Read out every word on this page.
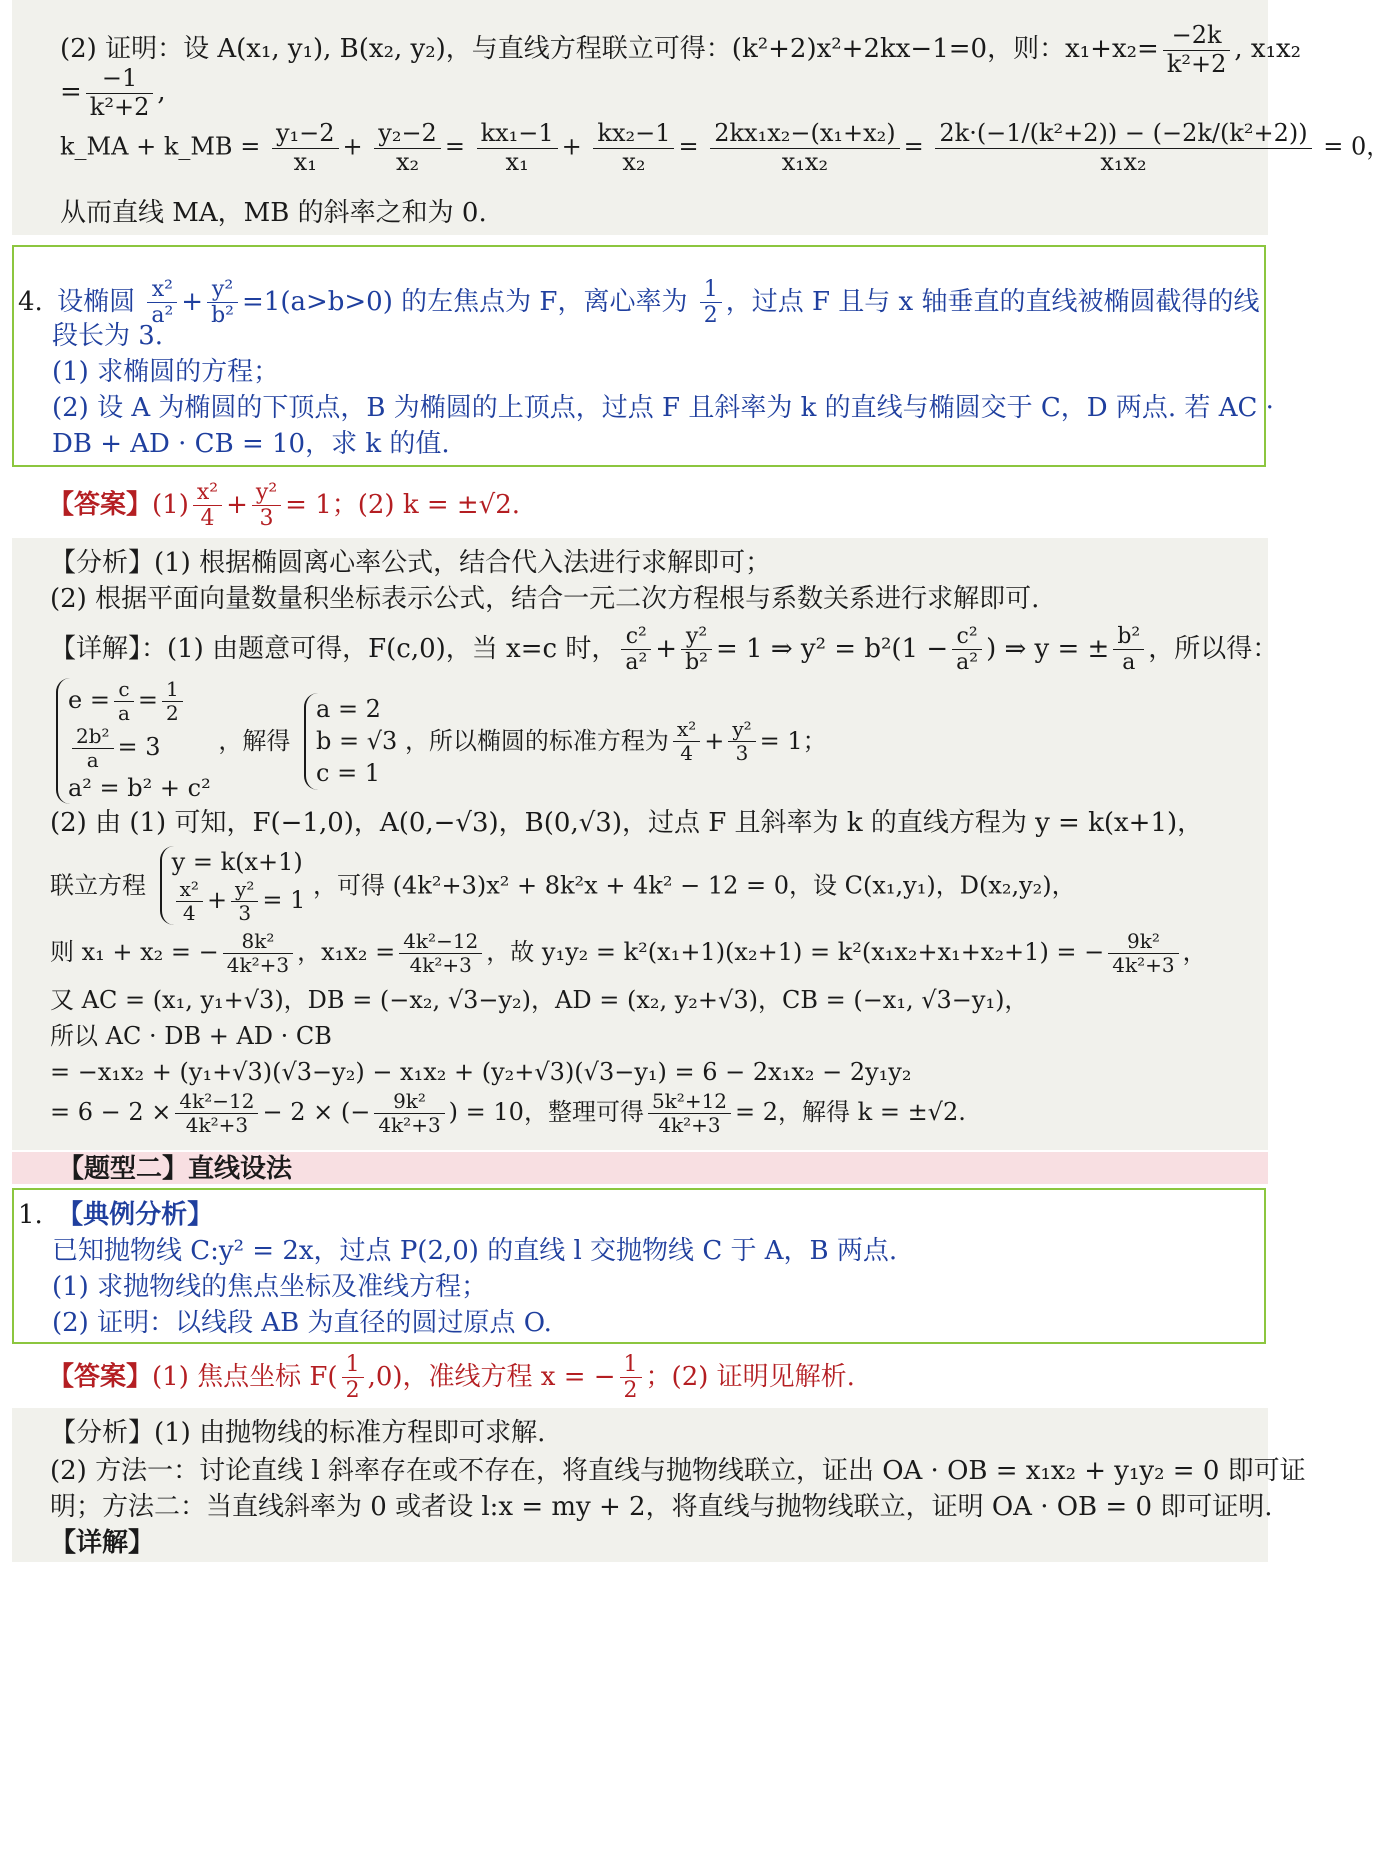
(2) 证明：设 A(x₁, y₁), B(x₂, y₂)，与直线方程联立可得：(k²+2)x²+2kx−1=0，则：$x_1+x_2= \frac{-2k}{\text{k²+2}}$ , x₁x₂
= $\frac{-1}{\text{k²+2}}$ ,
k_MA + k_MB = $\frac{\text{y₁−2}}{\text{x₁}} + \frac{\text{y₂−2}}{\text{x₂}} = \frac{\text{kx₁−1}}{\text{x₁}} + \frac{\text{kx₂−1}}{\text{x₂}} = \frac{\text{2kx₁x₂−(x₁+x₂)}}{\text{x₁x₂}} = \frac{\text{2k·(−1/(k²+2)) − (−2k/(k²+2))}}{\text{x₁x₂}} = 0$，
从而直线 MA，MB 的斜率之和为 0.
4. 设椭圆 $\frac{\text{x²}}{\text{a²}} + \frac{\text{y²}}{\text{b²}} =1(a>b>0)$ 的左焦点为 F，离心率为 $\frac{1}{2}$ ，过点 F 且与 x 轴垂直的直线被椭圆截得的线
段长为 3.
(1) 求椭圆的方程；
(2) 设 A 为椭圆的下顶点，B 为椭圆的上顶点，过点 F 且斜率为 k 的直线与椭圆交于 C，D 两点. 若 AC ·
DB + AD · CB = 10，求 k 的值.
【答案】$(1) \frac{\text{x²}}{4} + \frac{\text{y²}}{3} = 1$；(2) k = ±√2.
【分析】(1) 根据椭圆离心率公式，结合代入法进行求解即可；
(2) 根据平面向量数量积坐标表示公式，结合一元二次方程根与系数关系进行求解即可.
【详解】：(1) 由题意可得，F(c,0)，当 x=c 时， $\frac{\text{c²}}{\text{a²}} + \frac{\text{y²}}{\text{b²}} = 1$ ⇒ $y^2 = b^2(1 - \frac{\text{c²}}{\text{a²}}$ ) ⇒ y = ± $\frac{\text{b²}}{a}$ ，所以得：
$e = \frac{c}{a} = \frac{1}{2}$
$\frac{\text{2b²}}{a} = 3$
a² = b² + c²
，解得
a = 2
b = √3
c = 1
，所以椭圆的标准方程为 $\frac{\text{x²}}{4} + \frac{\text{y²}}{3} = 1$；
(2) 由 (1) 可知，F(−1,0)，A(0,−√3)，B(0,√3)，过点 F 且斜率为 k 的直线方程为 y = k(x+1)，
联立方程
y = k(x+1)
$\frac{\text{x²}}{4} + \frac{\text{y²}}{3} = 1$
，可得 (4k²+3)x² + 8k²x + 4k² − 12 = 0，设 C(x₁,y₁)，D(x₂,y₂)，
则 x₁ + x₂ = − $\frac{\text{8k²}}{\text{4k²+3}}$ ，$x_1x_2 = \frac{\text{4k²−12}}{\text{4k²+3}}$ ，故 y₁y₂ = k²(x₁+1)(x₂+1) = k²(x₁x₂+x₁+x₂+1) = − $\frac{\text{9k²}}{\text{4k²+3}}$ ，
又 AC = (x₁, y₁+√3)，DB = (−x₂, √3−y₂)，AD = (x₂, y₂+√3)，CB = (−x₁, √3−y₁)，
所以 AC · DB + AD · CB
= −x₁x₂ + (y₁+√3)(√3−y₂) − x₁x₂ + (y₂+√3)(√3−y₁) = 6 − 2x₁x₂ − 2y₁y₂
= $6 - 2 \times \frac{\text{4k²−12}}{\text{4k²+3}} - 2$ × (− $\frac{\text{9k²}}{\text{4k²+3}}$ ) = 10，整理可得 $\frac{\text{5k²+12}}{\text{4k²+3}} = 2$，解得 k = ±√2.
【题型二】直线设法
1. 【典例分析】
已知抛物线 C:y² = 2x，过点 P(2,0) 的直线 l 交抛物线 C 于 A，B 两点.
(1) 求抛物线的焦点坐标及准线方程；
(2) 证明：以线段 AB 为直径的圆过原点 O.
【答案】(1) 焦点坐标 $F( \frac{1}{2} ,0)$，准线方程 x = − $\frac{1}{2}$ ；(2) 证明见解析.
【分析】(1) 由抛物线的标准方程即可求解.
(2) 方法一：讨论直线 l 斜率存在或不存在，将直线与抛物线联立，证出 OA · OB = x₁x₂ + y₁y₂ = 0 即可证
明；方法二：当直线斜率为 0 或者设 l:x = my + 2，将直线与抛物线联立，证明 OA · OB = 0 即可证明.
【详解】
